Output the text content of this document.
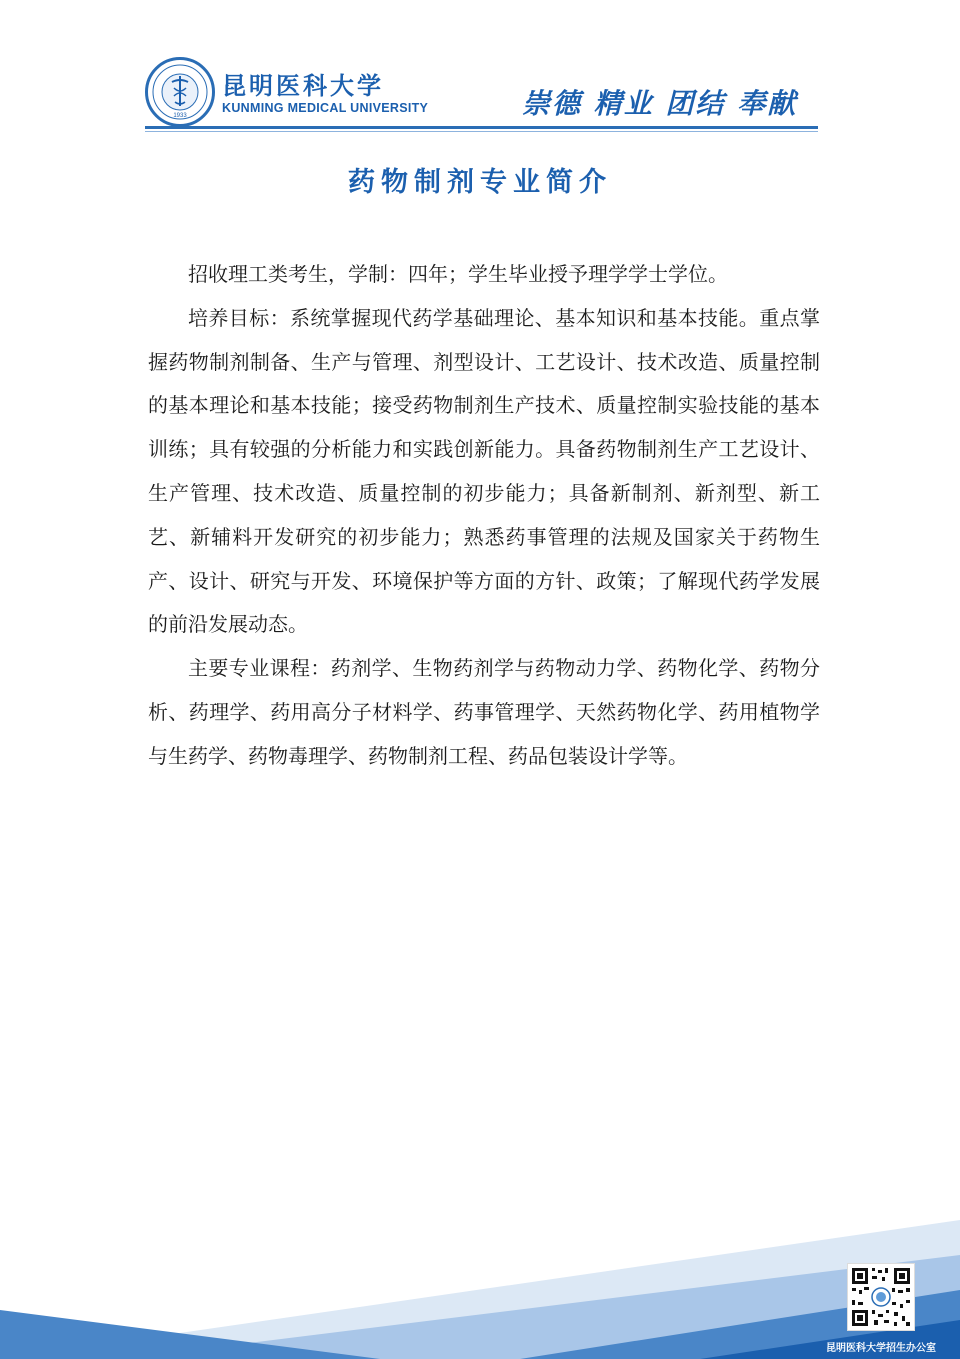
1933
昆明医科大学
KUNMING MEDICAL UNIVERSITY	崇德 精业 团结 奉献
药物制剂专业简介

招收理工类考生，学制：四年；学生毕业授予理学学士学位。

培养目标：系统掌握现代药学基础理论、基本知识和基本技能。重点掌握药物制剂制备、生产与管理、剂型设计、工艺设计、技术改造、质量控制的基本理论和基本技能；接受药物制剂生产技术、质量控制实验技能的基本训练；具有较强的分析能力和实践创新能力。具备药物制剂生产工艺设计、生产管理、技术改造、质量控制的初步能力；具备新制剂、新剂型、新工艺、新辅料开发研究的初步能力；熟悉药事管理的法规及国家关于药物生产、设计、研究与开发、环境保护等方面的方针、政策；了解现代药学发展的前沿发展动态。

主要专业课程：药剂学、生物药剂学与药物动力学、药物化学、药物分析、药理学、药用高分子材料学、药事管理学、天然药物化学、药用植物学与生药学、药物毒理学、药物制剂工程、药品包装设计学等。

昆明医科大学招生办公室
